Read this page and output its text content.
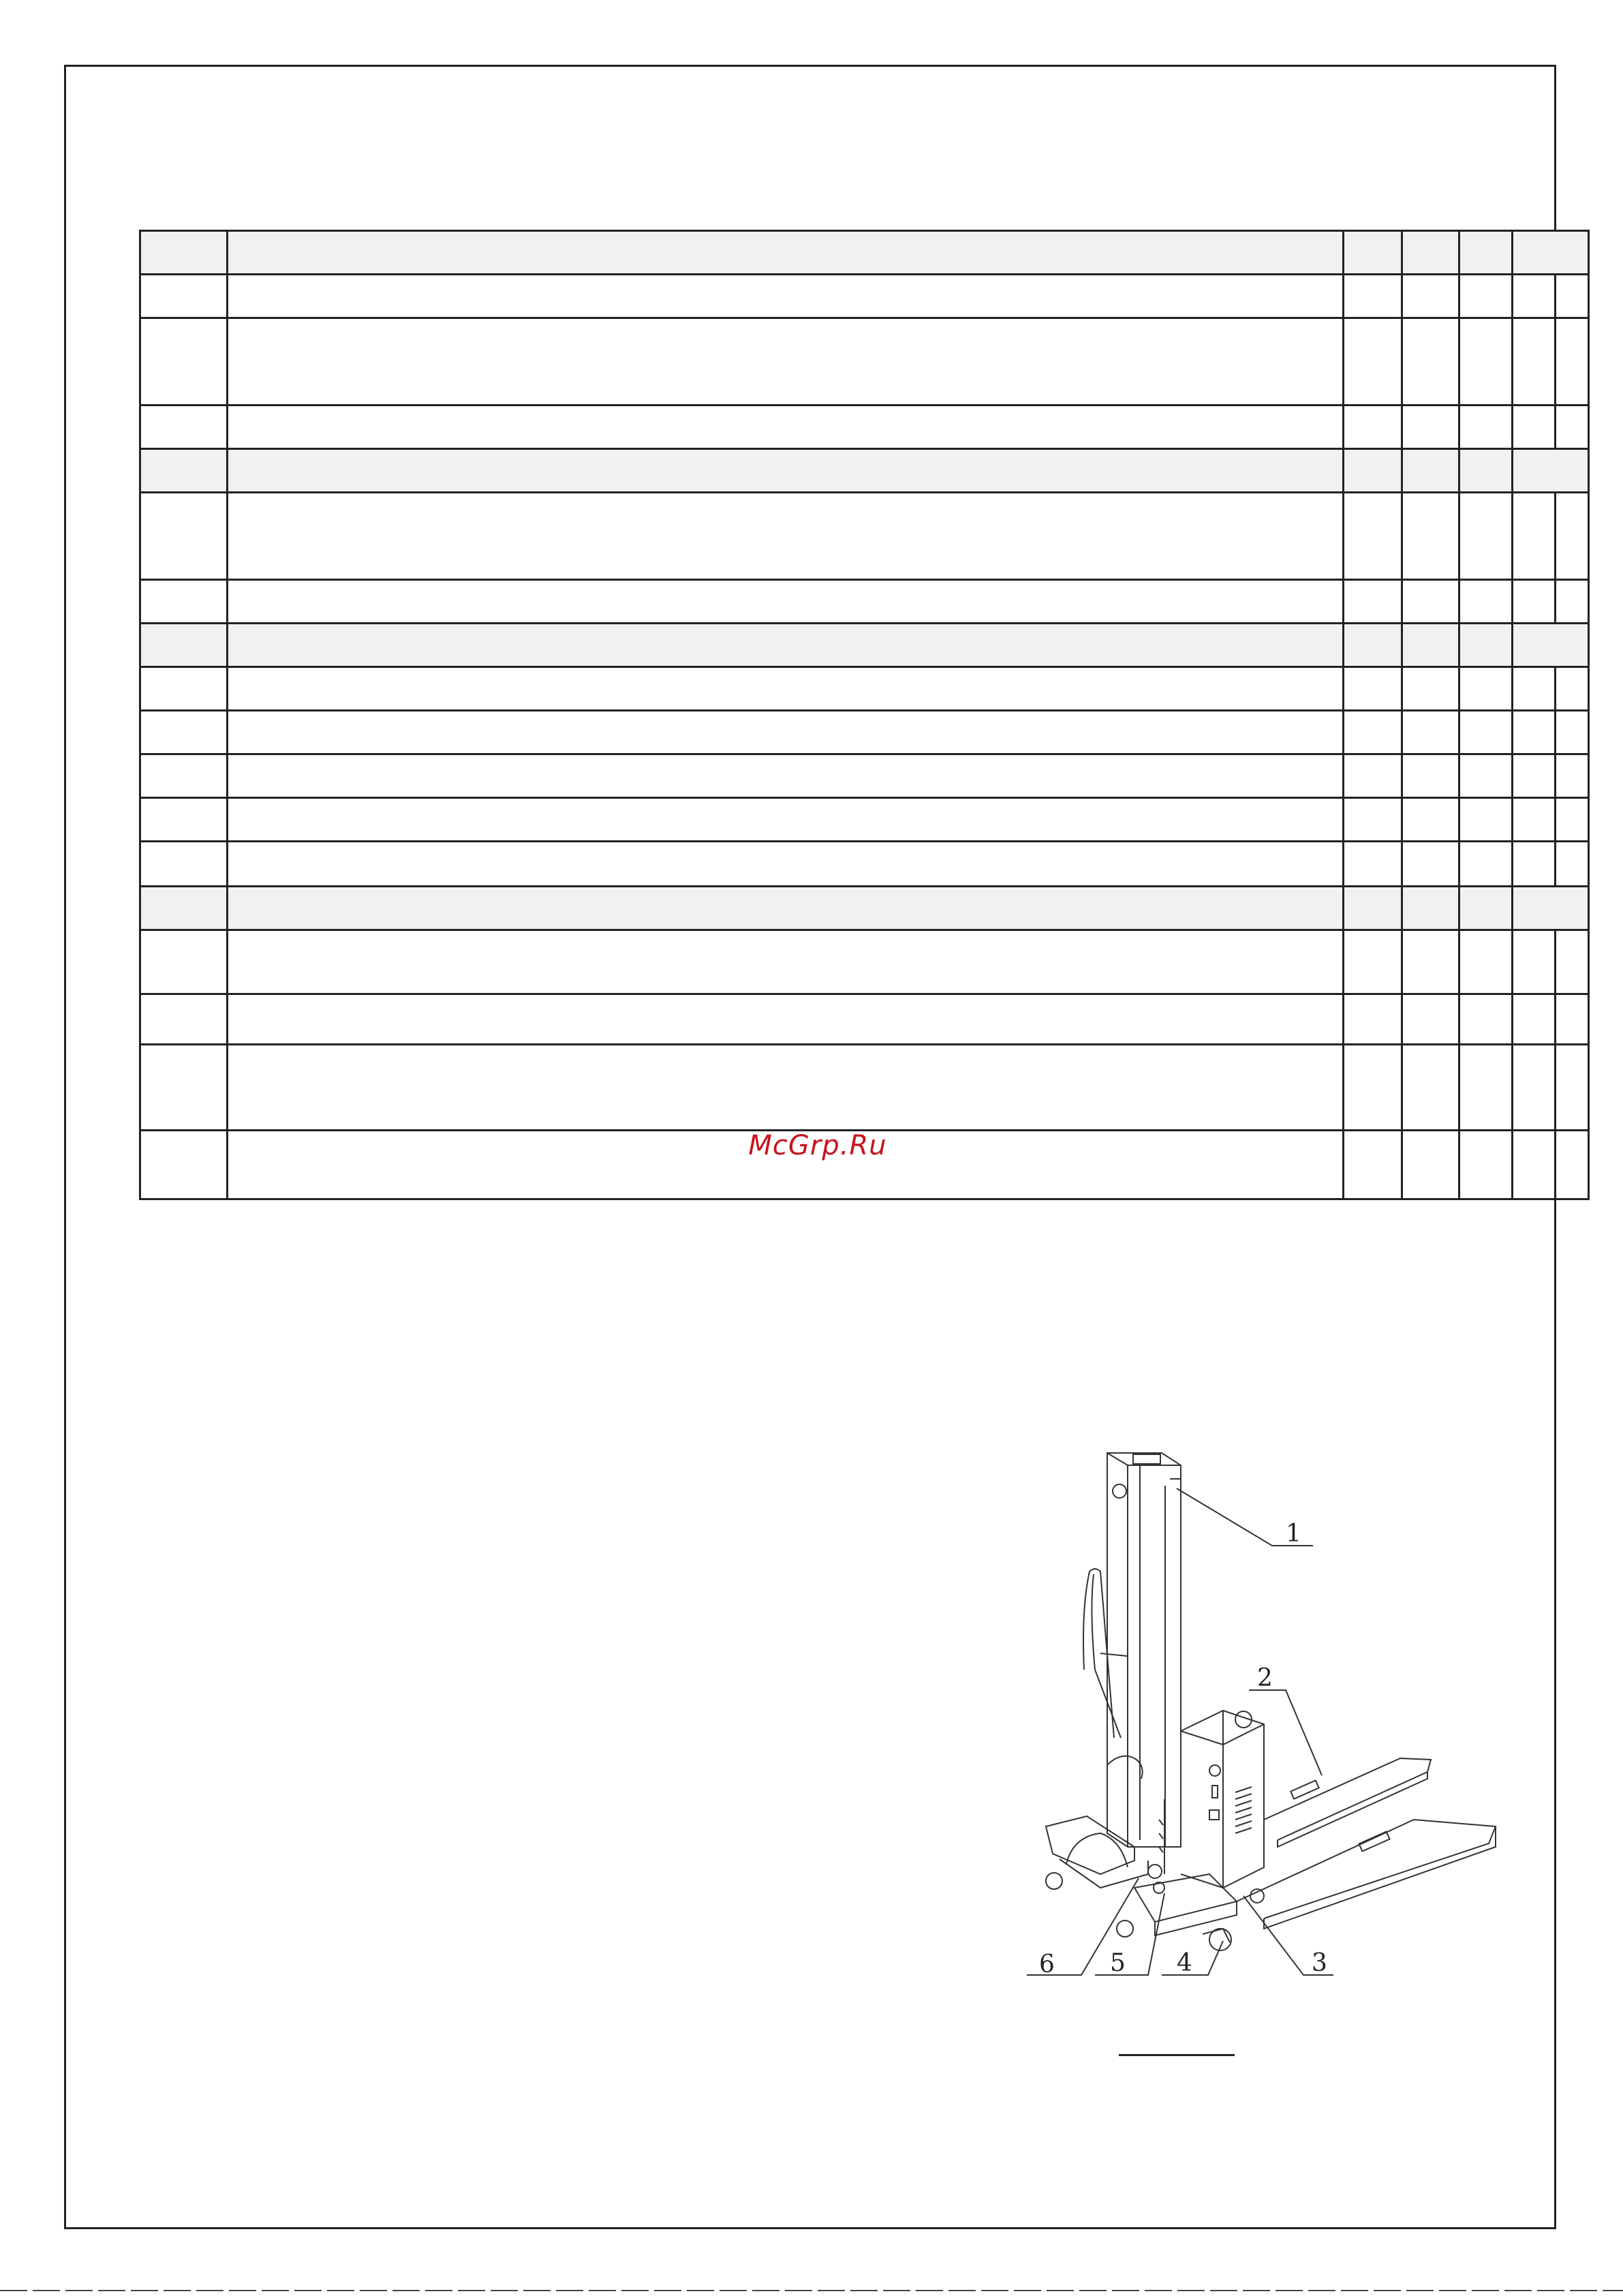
McGrp.Ru
1
2
3
4
5
6
